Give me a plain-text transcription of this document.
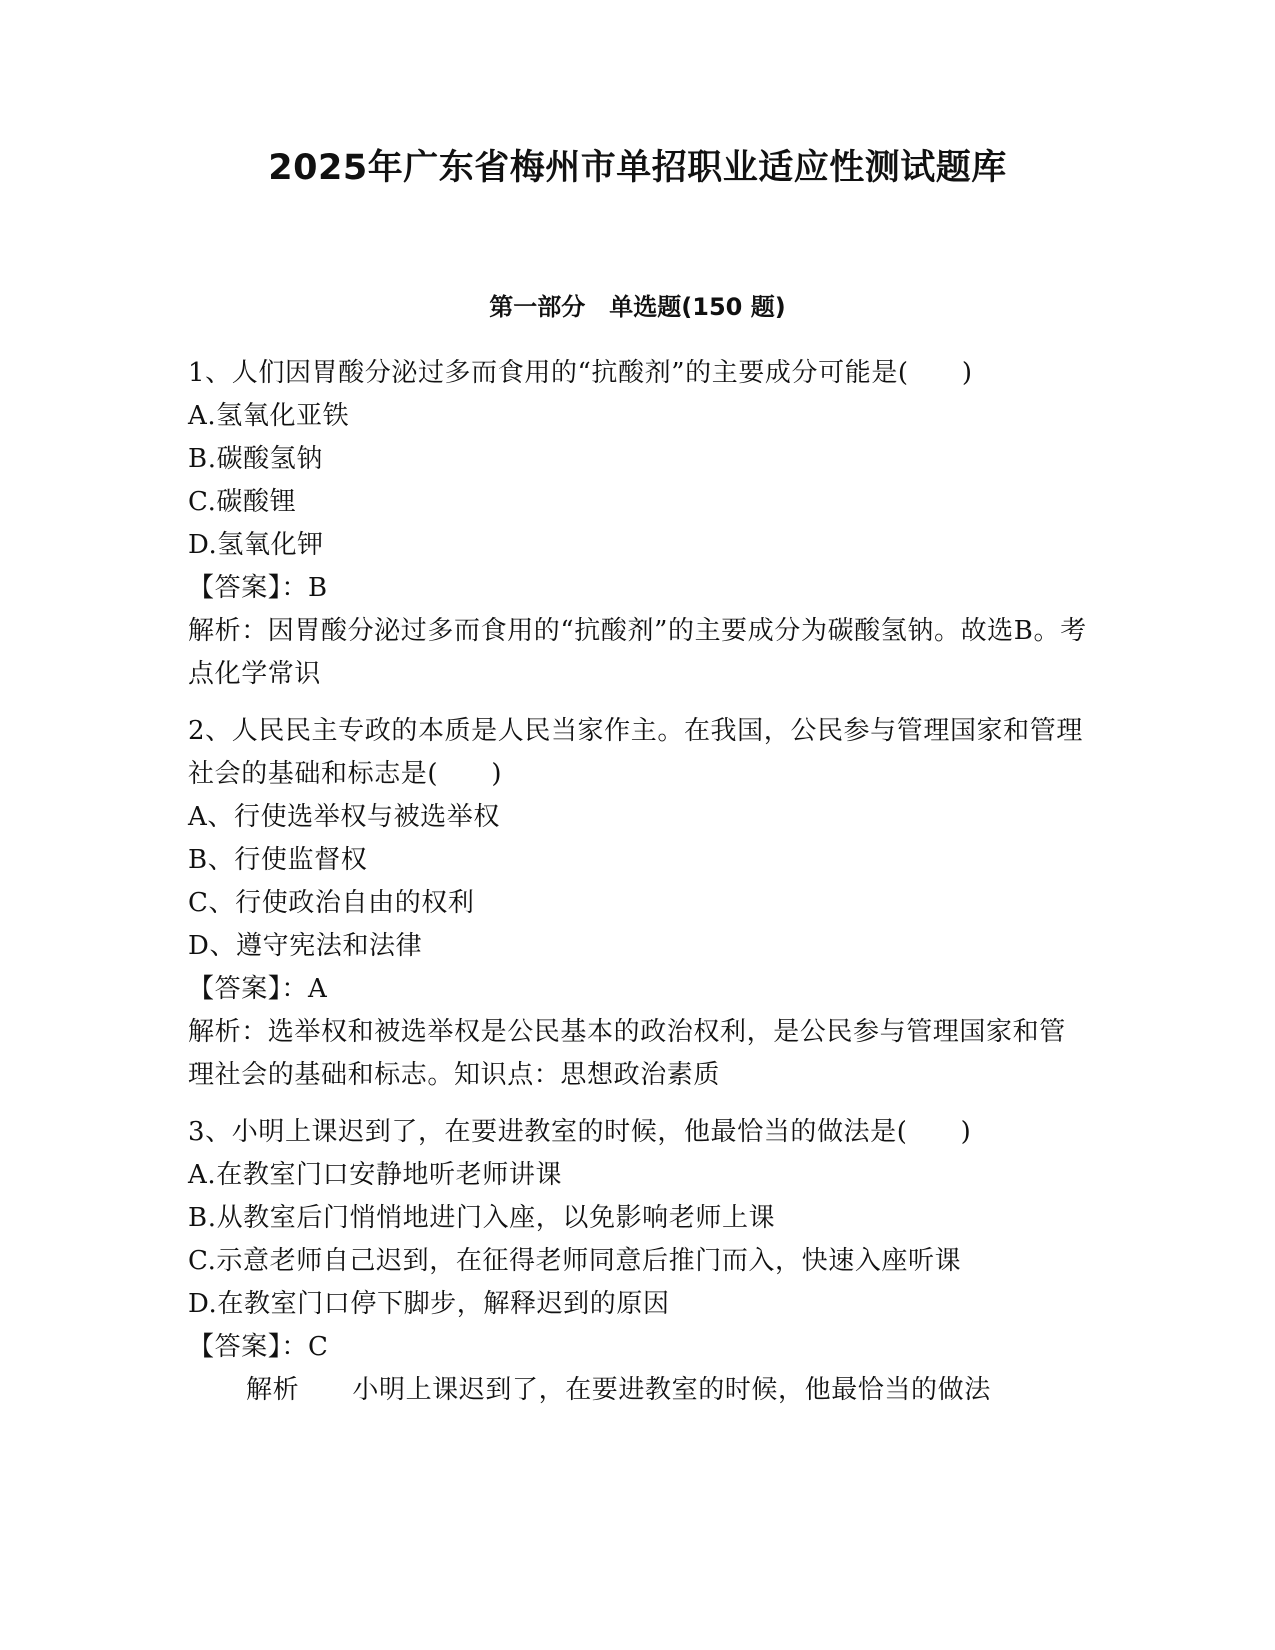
2025年广东省梅州市单招职业适应性测试题库
第一部分　单选题(150 题)
1、人们因胃酸分泌过多而食用的“抗酸剂”的主要成分可能是(　　)
A.氢氧化亚铁
B.碳酸氢钠
C.碳酸锂
D.氢氧化钾
【答案】：B
解析：因胃酸分泌过多而食用的“抗酸剂”的主要成分为碳酸氢钠。故选B。考点化学常识
2、人民民主专政的本质是人民当家作主。在我国，公民参与管理国家和管理社会的基础和标志是(　　)
A、行使选举权与被选举权
B、行使监督权
C、行使政治自由的权利
D、遵守宪法和法律
【答案】：A
解析：选举权和被选举权是公民基本的政治权利，是公民参与管理国家和管理社会的基础和标志。知识点：思想政治素质
3、小明上课迟到了，在要进教室的时候，他最恰当的做法是(　　)
A.在教室门口安静地听老师讲课
B.从教室后门悄悄地进门入座，以免影响老师上课
C.示意老师自己迟到，在征得老师同意后推门而入，快速入座听课
D.在教室门口停下脚步，解释迟到的原因
【答案】：C
解析　　小明上课迟到了，在要进教室的时候，他最恰当的做法
